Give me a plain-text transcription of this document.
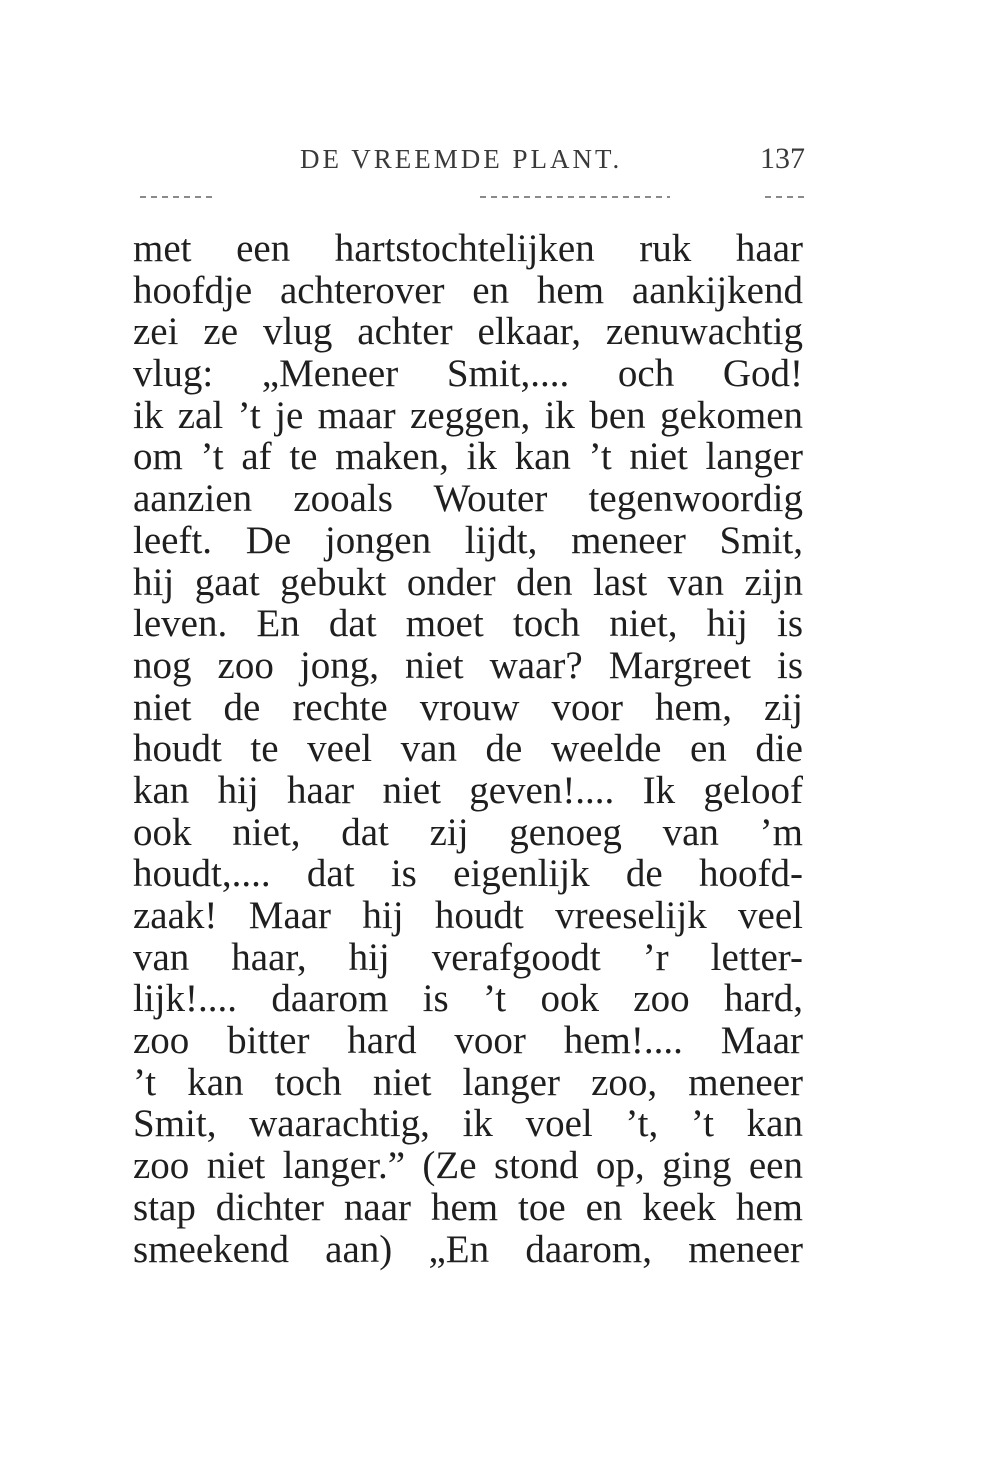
DE VREEMDE PLANT.	137
met een hartstochtelijken ruk haar
hoofdje achterover en hem aankijkend
zei ze vlug achter elkaar, zenuwachtig
vlug: „Meneer Smit,.... och God!
ik zal ’t je maar zeggen, ik ben gekomen
om ’t af te maken, ik kan ’t niet langer
aanzien zooals Wouter tegenwoordig
leeft. De jongen lijdt, meneer Smit,
hij gaat gebukt onder den last van zijn
leven. En dat moet toch niet, hij is
nog zoo jong, niet waar? Margreet is
niet de rechte vrouw voor hem, zij
houdt te veel van de weelde en die
kan hij haar niet geven!.... Ik geloof
ook niet, dat zij genoeg van ’m
houdt,.... dat is eigenlijk de hoofd-
zaak! Maar hij houdt vreeselijk veel
van haar, hij verafgoodt ’r letter-
lijk!.... daarom is ’t ook zoo hard,
zoo bitter hard voor hem!.... Maar
’t kan toch niet langer zoo, meneer
Smit, waarachtig, ik voel ’t, ’t kan
zoo niet langer.” (Ze stond op, ging een
stap dichter naar hem toe en keek hem
smeekend aan) „En daarom, meneer
